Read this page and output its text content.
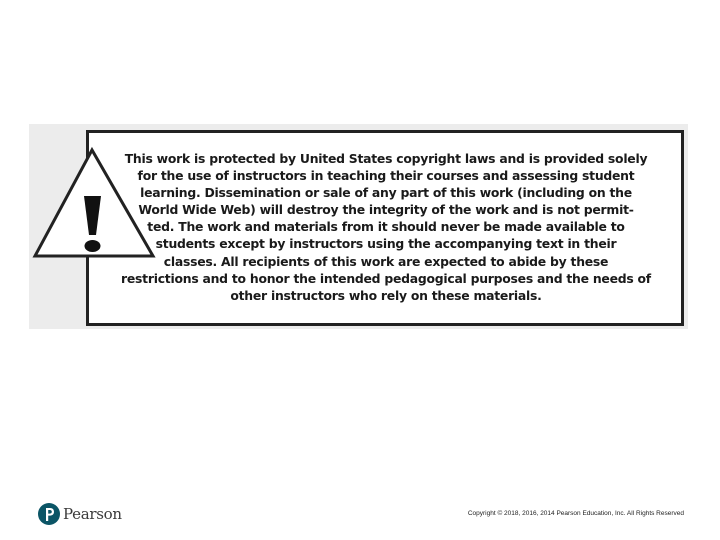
This work is protected by United States copyright laws and is provided solely
for the use of instructors in teaching their courses and assessing student
learning. Dissemination or sale of any part of this work (including on the
World Wide Web) will destroy the integrity of the work and is not permit-
ted. The work and materials from it should never be made available to
students except by instructors using the accompanying text in their
classes. All recipients of this work are expected to abide by these
restrictions and to honor the intended pedagogical purposes and the needs of
other instructors who rely on these materials.

Pearson	Copyright © 2018, 2016, 2014 Pearson Education, Inc. All Rights Reserved
